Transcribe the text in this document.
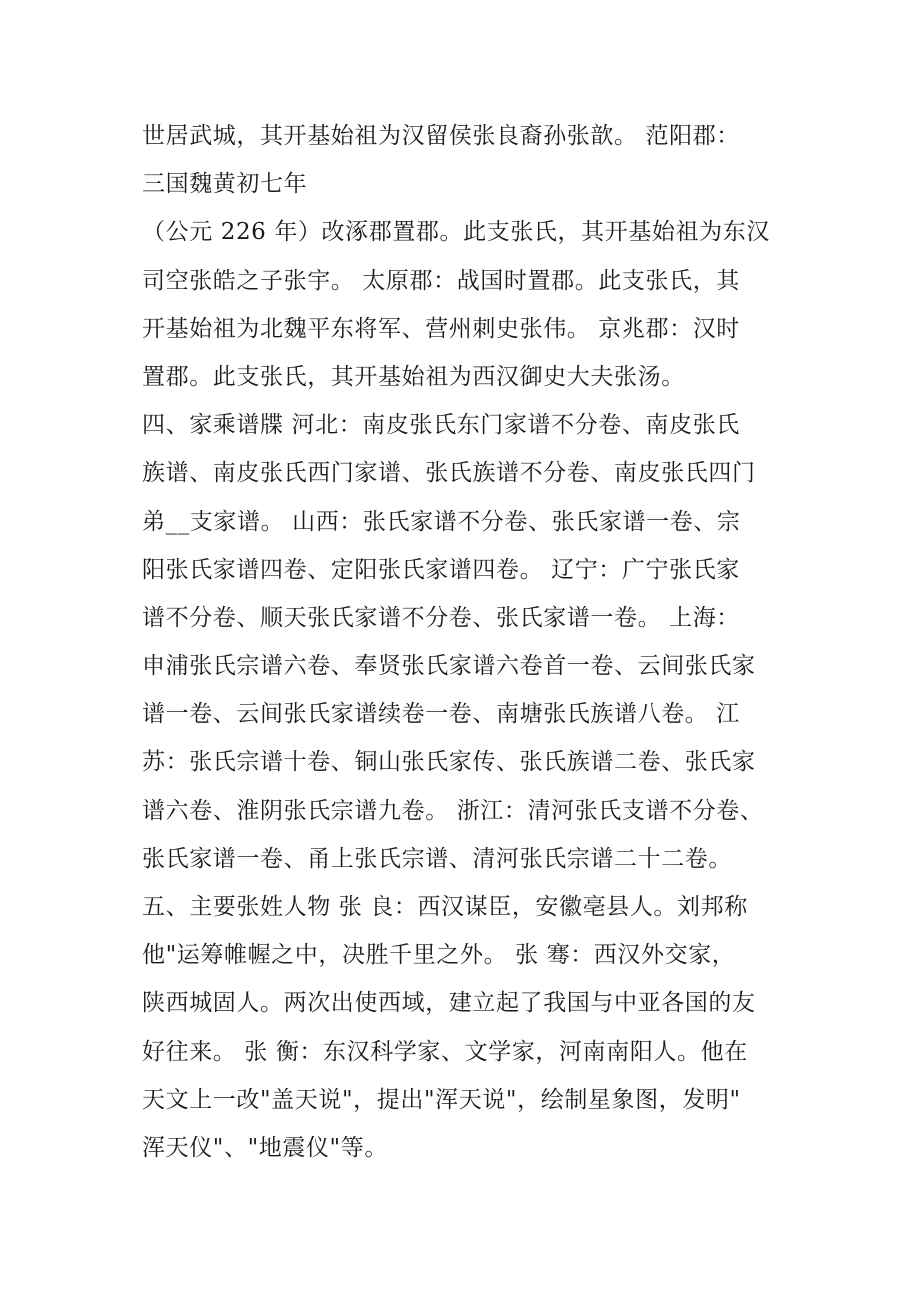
世居武城，其开基始祖为汉留侯张良裔孙张歆。 范阳郡：
三国魏黄初七年
（公元 226 年）改涿郡置郡。此支张氏，其开基始祖为东汉
司空张皓之子张宇。 太原郡：战国时置郡。此支张氏，其
开基始祖为北魏平东将军、营州刺史张伟。 京兆郡：汉时
置郡。此支张氏，其开基始祖为西汉御史大夫张汤。
四、家乘谱牒 河北：南皮张氏东门家谱不分卷、南皮张氏
族谱、南皮张氏西门家谱、张氏族谱不分卷、南皮张氏四门
弟__支家谱。 山西：张氏家谱不分卷、张氏家谱一卷、宗
阳张氏家谱四卷、定阳张氏家谱四卷。 辽宁：广宁张氏家
谱不分卷、顺天张氏家谱不分卷、张氏家谱一卷。 上海：
申浦张氏宗谱六卷、奉贤张氏家谱六卷首一卷、云间张氏家
谱一卷、云间张氏家谱续卷一卷、南塘张氏族谱八卷。 江
苏：张氏宗谱十卷、铜山张氏家传、张氏族谱二卷、张氏家
谱六卷、淮阴张氏宗谱九卷。 浙江：清河张氏支谱不分卷、
张氏家谱一卷、甬上张氏宗谱、清河张氏宗谱二十二卷。
五、主要张姓人物 张 良：西汉谋臣，安徽亳县人。刘邦称
他"运筹帷幄之中，决胜千里之外。 张 骞：西汉外交家，
陕西城固人。两次出使西域，建立起了我国与中亚各国的友
好往来。 张 衡：东汉科学家、文学家，河南南阳人。他在
天文上一改"盖天说"，提出"浑天说"，绘制星象图，发明"
浑天仪"、"地震仪"等。
